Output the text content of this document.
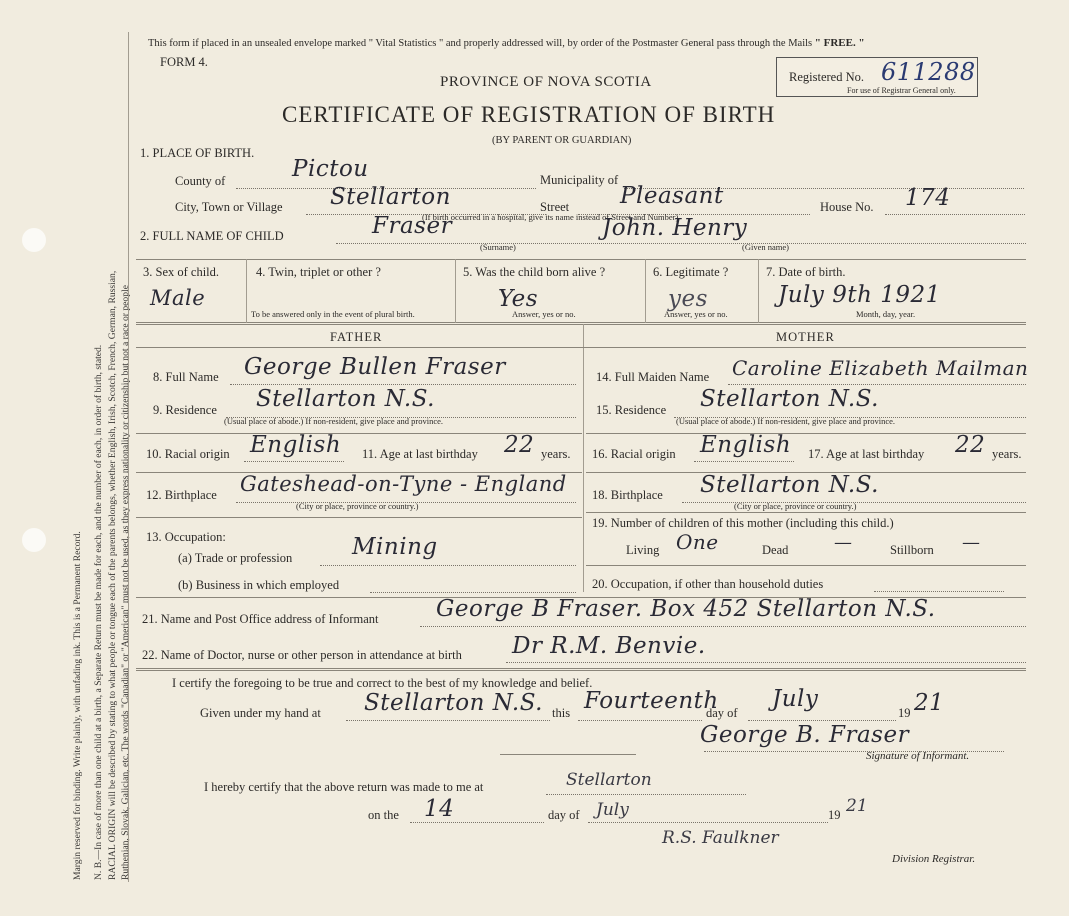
Margin reserved for binding. Write plainly, with unfading ink. This is a Permanent Record. N. B.—In case of more than one child at a birth, a Separate Return must be made for each, and the number of each, in order of birth, stated. RACIAL ORIGIN will be described by stating to what people or tongue each of the parents belongs, whether English, Irish, Scotch, French, German, Russian, Ruthenian, Slovak, Galician, etc. The words "Canadian" or "American" must not be used, as they express nationality or citizenship but not a race or people
This form if placed in an unsealed envelope marked " Vital Statistics " and properly addressed will, by order of the Postmaster General pass through the Mails " FREE. "
FORM 4.
Registered No. 611288
For use of Registrar General only.
PROVINCE OF NOVA SCOTIA
CERTIFICATE OF REGISTRATION OF BIRTH
(BY PARENT OR GUARDIAN)
1. PLACE OF BIRTH.
County of	Pictou	Municipality of
City, Town or Village Stellarton	Street Pleasant
(If birth occurred in a hospital, give its name instead of Street and Number)
House No. 174
2. FULL NAME OF CHILD	Fraser
(Surname)
John. Henry
(Given name)
3. Sex of child.
Male
4. Twin, triplet or other ?
To be answered only in the event of plural birth.
5. Was the child born alive ?
Yes
Answer, yes or no.
6. Legitimate ?
yes
Answer, yes or no.
7. Date of birth.
July 9th 1921
Month, day, year.
FATHER	MOTHER
8. Full Name George Bullen Fraser
9. Residence Stellarton N.S.
(Usual place of abode.) If non-resident, give place and province.
10. Racial origin English 11. Age at last birthday 22 years.
12. Birthplace Gateshead-on-Tyne - England
(City or place, province or country.)
13. Occupation:
(a) Trade or profession	Mining
(b) Business in which employed
14. Full Maiden Name Caroline Elizabeth Mailman
15. Residence Stellarton N.S.
(Usual place of abode.) If non-resident, give place and province.
16. Racial origin English 17. Age at last birthday 22 years.
18. Birthplace Stellarton N.S.
(City or place, province or country.)
19. Number of children of this mother (including this child.)
Living One	Dead	—	Stillborn —
20. Occupation, if other than household duties
21. Name and Post Office address of Informant George B Fraser. Box 452 Stellarton N.S.
22. Name of Doctor, nurse or other person in attendance at birth Dr R.M. Benvie.
I certify the foregoing to be true and correct to the best of my knowledge and belief.
Given under my hand at Stellarton N.S. this Fourteenth
day of
July
19 21
George B. Fraser
Signature of Informant.
I hereby certify that the above return was made to me at	Stellarton
on the 14	day of July	19 21
R.S. Faulkner
Division Registrar.
